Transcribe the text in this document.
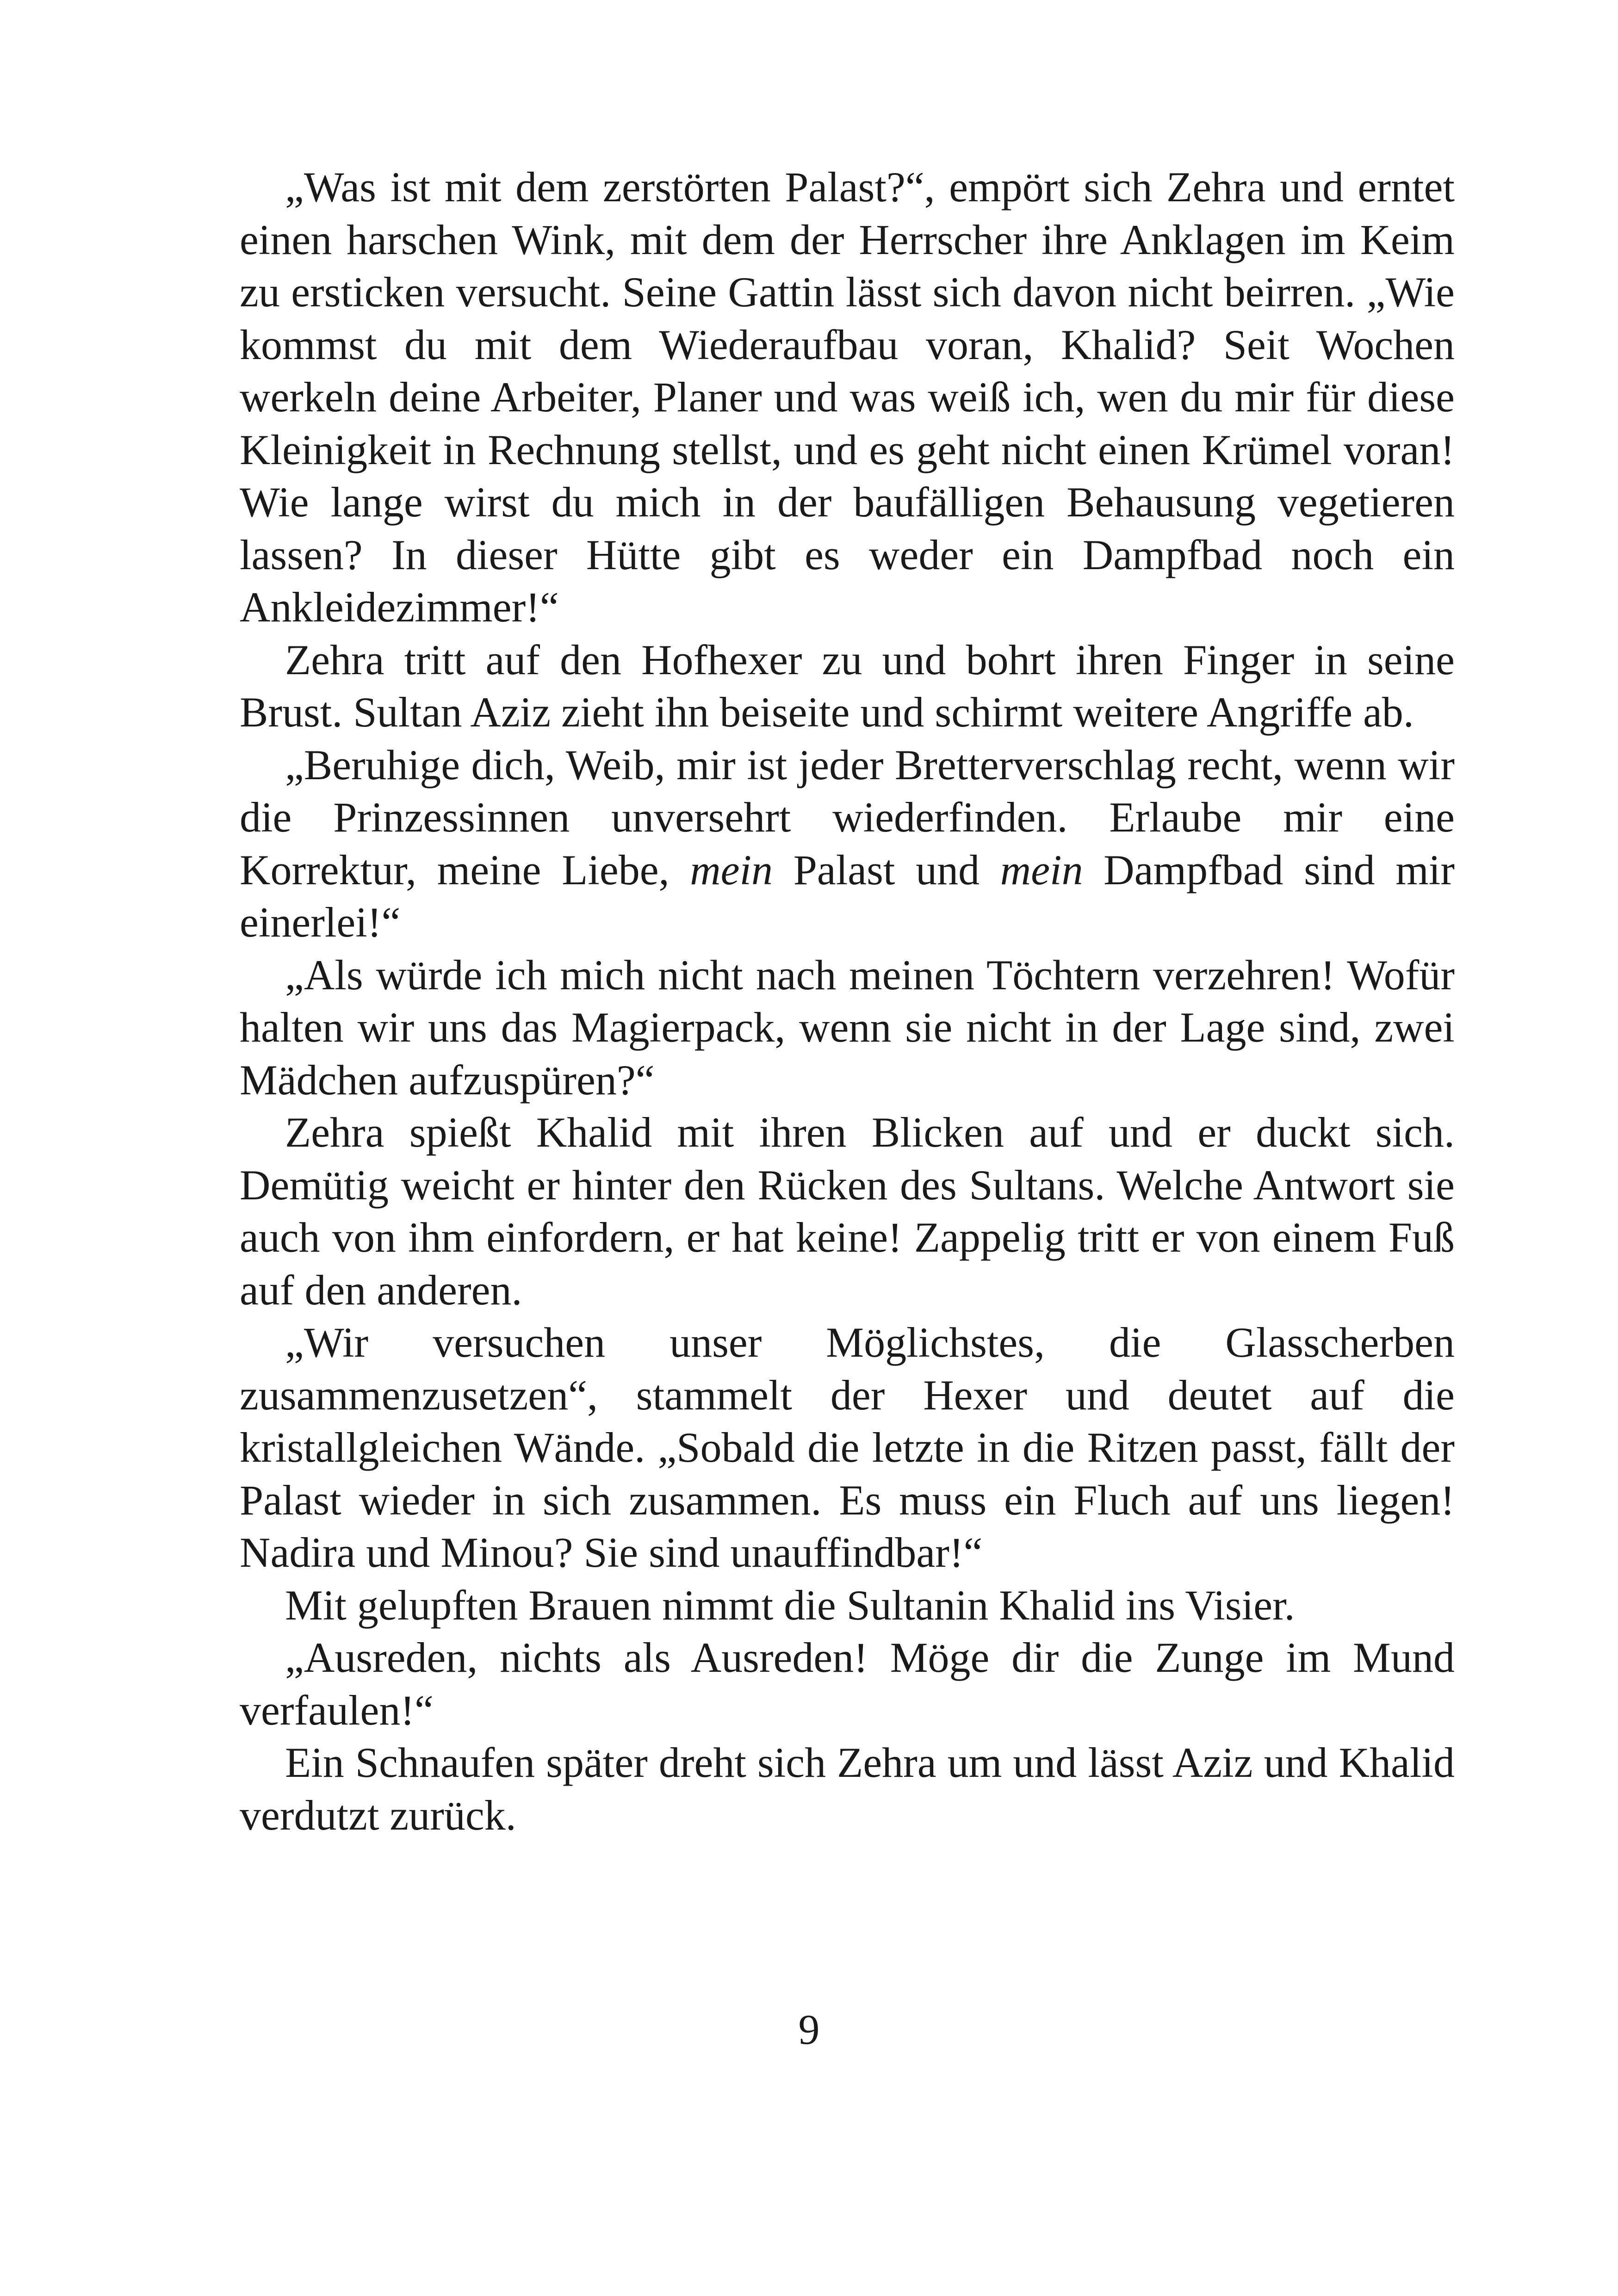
„Was ist mit dem zerstörten Palast?“, empört sich Zehra und erntet einen harschen Wink, mit dem der Herrscher ihre Anklagen im Keim zu ersticken versucht. Seine Gattin lässt sich davon nicht beirren. „Wie kommst du mit dem Wiederaufbau voran, Khalid? Seit Wochen werkeln deine Arbeiter, Planer und was weiß ich, wen du mir für diese Kleinigkeit in Rechnung stellst, und es geht nicht einen Krümel voran! Wie lange wirst du mich in der baufälligen Behausung vegetieren lassen? In dieser Hütte gibt es weder ein Dampfbad noch ein Ankleidezimmer!“

Zehra tritt auf den Hofhexer zu und bohrt ihren Finger in seine Brust. Sultan Aziz zieht ihn beiseite und schirmt weitere Angriffe ab.

„Beruhige dich, Weib, mir ist jeder Bretterverschlag recht, wenn wir die Prinzessinnen unversehrt wiederfinden. Erlaube mir eine Korrektur, meine Liebe, mein Palast und mein Dampfbad sind mir einerlei!“

„Als würde ich mich nicht nach meinen Töchtern verzehren! Wofür halten wir uns das Magierpack, wenn sie nicht in der Lage sind, zwei Mädchen aufzuspüren?“

Zehra spießt Khalid mit ihren Blicken auf und er duckt sich. Demütig weicht er hinter den Rücken des Sultans. Welche Antwort sie auch von ihm einfordern, er hat keine! Zappelig tritt er von einem Fuß auf den anderen.

„Wir versuchen unser Möglichstes, die Glasscherben zusammenzusetzen“, stammelt der Hexer und deutet auf die kristallgleichen Wände. „Sobald die letzte in die Ritzen passt, fällt der Palast wieder in sich zusammen. Es muss ein Fluch auf uns liegen! Nadira und Minou? Sie sind unauffindbar!“

Mit gelupften Brauen nimmt die Sultanin Khalid ins Visier.

„Ausreden, nichts als Ausreden! Möge dir die Zunge im Mund verfaulen!“

Ein Schnaufen später dreht sich Zehra um und lässt Aziz und Khalid verdutzt zurück.

9
